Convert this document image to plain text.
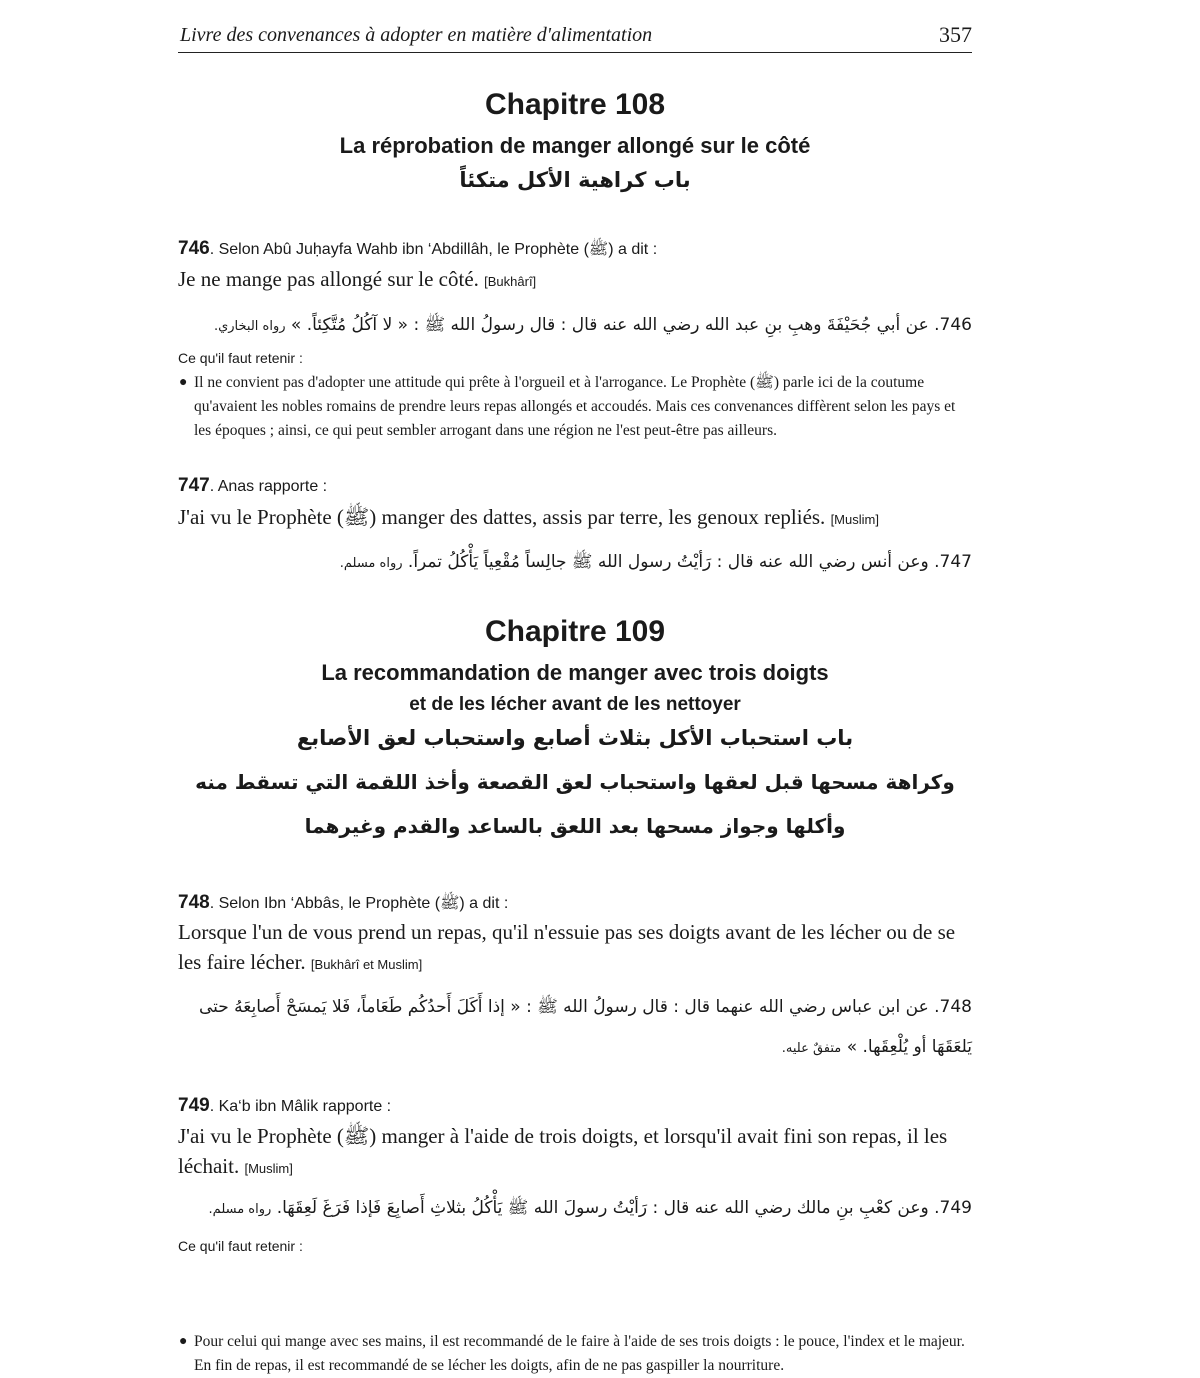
Livre des convenances à adopter en matière d'alimentation	357
Chapitre 108
La réprobation de manger allongé sur le côté
باب كراهية الأكل متكئاً
746. Selon Abû Juḥayfa Wahb ibn ‘Abdillâh, le Prophète (ﷺ) a dit :
Je ne mange pas allongé sur le côté. [Bukhârî]
746. عن أبي جُحَيْفَةَ وهبِ بنِ عبد الله رضي الله عنه قال : قال رسولُ الله ﷺ : « لا آكُلُ مُتَّكِئاً. » رواه البخاري.
Ce qu'il faut retenir :
● Il ne convient pas d'adopter une attitude qui prête à l'orgueil et à l'arrogance. Le Prophète (ﷺ) parle ici de la coutume qu'avaient les nobles romains de prendre leurs repas allongés et accoudés. Mais ces convenances diffèrent selon les pays et les époques ; ainsi, ce qui peut sembler arrogant dans une région ne l'est peut-être pas ailleurs.
747. Anas rapporte :
J'ai vu le Prophète (ﷺ) manger des dattes, assis par terre, les genoux repliés. [Muslim]
747. وعن أنس رضي الله عنه قال : رَأيْتُ رسول الله ﷺ جالِساً مُقْعِياً يَأْكُلُ تمراً. رواه مسلم.
Chapitre 109
La recommandation de manger avec trois doigts
et de les lécher avant de les nettoyer
باب استحباب الأكل بثلاث أصابع واستحباب لعق الأصابع
وكراهة مسحها قبل لعقها واستحباب لعق القصعة وأخذ اللقمة التي تسقط منه وأكلها وجواز مسحها بعد اللعق بالساعد والقدم وغيرهما
748. Selon Ibn ‘Abbâs, le Prophète (ﷺ) a dit :
Lorsque l'un de vous prend un repas, qu'il n'essuie pas ses doigts avant de les lécher ou de se les faire lécher. [Bukhârî et Muslim]
748. عن ابن عباس رضي الله عنهما قال : قال رسولُ الله ﷺ : « إذا أَكَلَ أَحدُكُم طَعَاماً، فَلا يَمسَحْ أَصابِعَهُ حتى يَلعَقَهَا أو يُلْعِقَها. » متفقٌ عليه.
749. Ka‘b ibn Mâlik rapporte :
J'ai vu le Prophète (ﷺ) manger à l'aide de trois doigts, et lorsqu'il avait fini son repas, il les léchait. [Muslim]
749. وعن كعْبِ بنِ مالك رضي الله عنه قال : رَأيْتُ رسولَ الله ﷺ يَأْكُلُ بثلاثِ أَصابِعَ فَإذا فَرَغَ لَعِقَهَا. رواه مسلم.
Ce qu'il faut retenir :
● Pour celui qui mange avec ses mains, il est recommandé de le faire à l'aide de ses trois doigts : le pouce, l'index et le majeur. En fin de repas, il est recommandé de se lécher les doigts, afin de ne pas gaspiller la nourriture.
